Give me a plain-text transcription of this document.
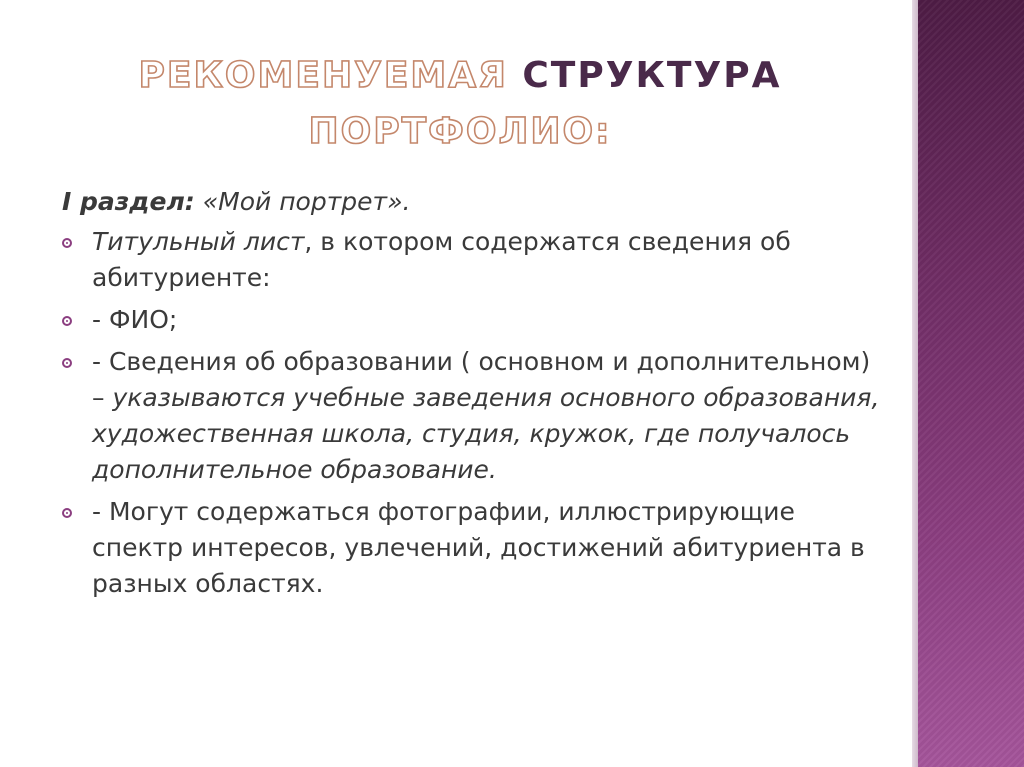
РЕКОМЕНУЕМАЯ СТРУКТУРА
ПОРТФОЛИО:

I раздел: «Мой портрет».

Титульный лист, в котором содержатся сведения об абитуриенте:
- ФИО;
- Сведения об образовании ( основном и дополнительном) – указываются учебные заведения основного образования, художественная школа, студия, кружок, где получалось дополнительное образование.
- Могут содержаться фотографии, иллюстрирующие спектр интересов, увлечений, достижений абитуриента в разных областях.
